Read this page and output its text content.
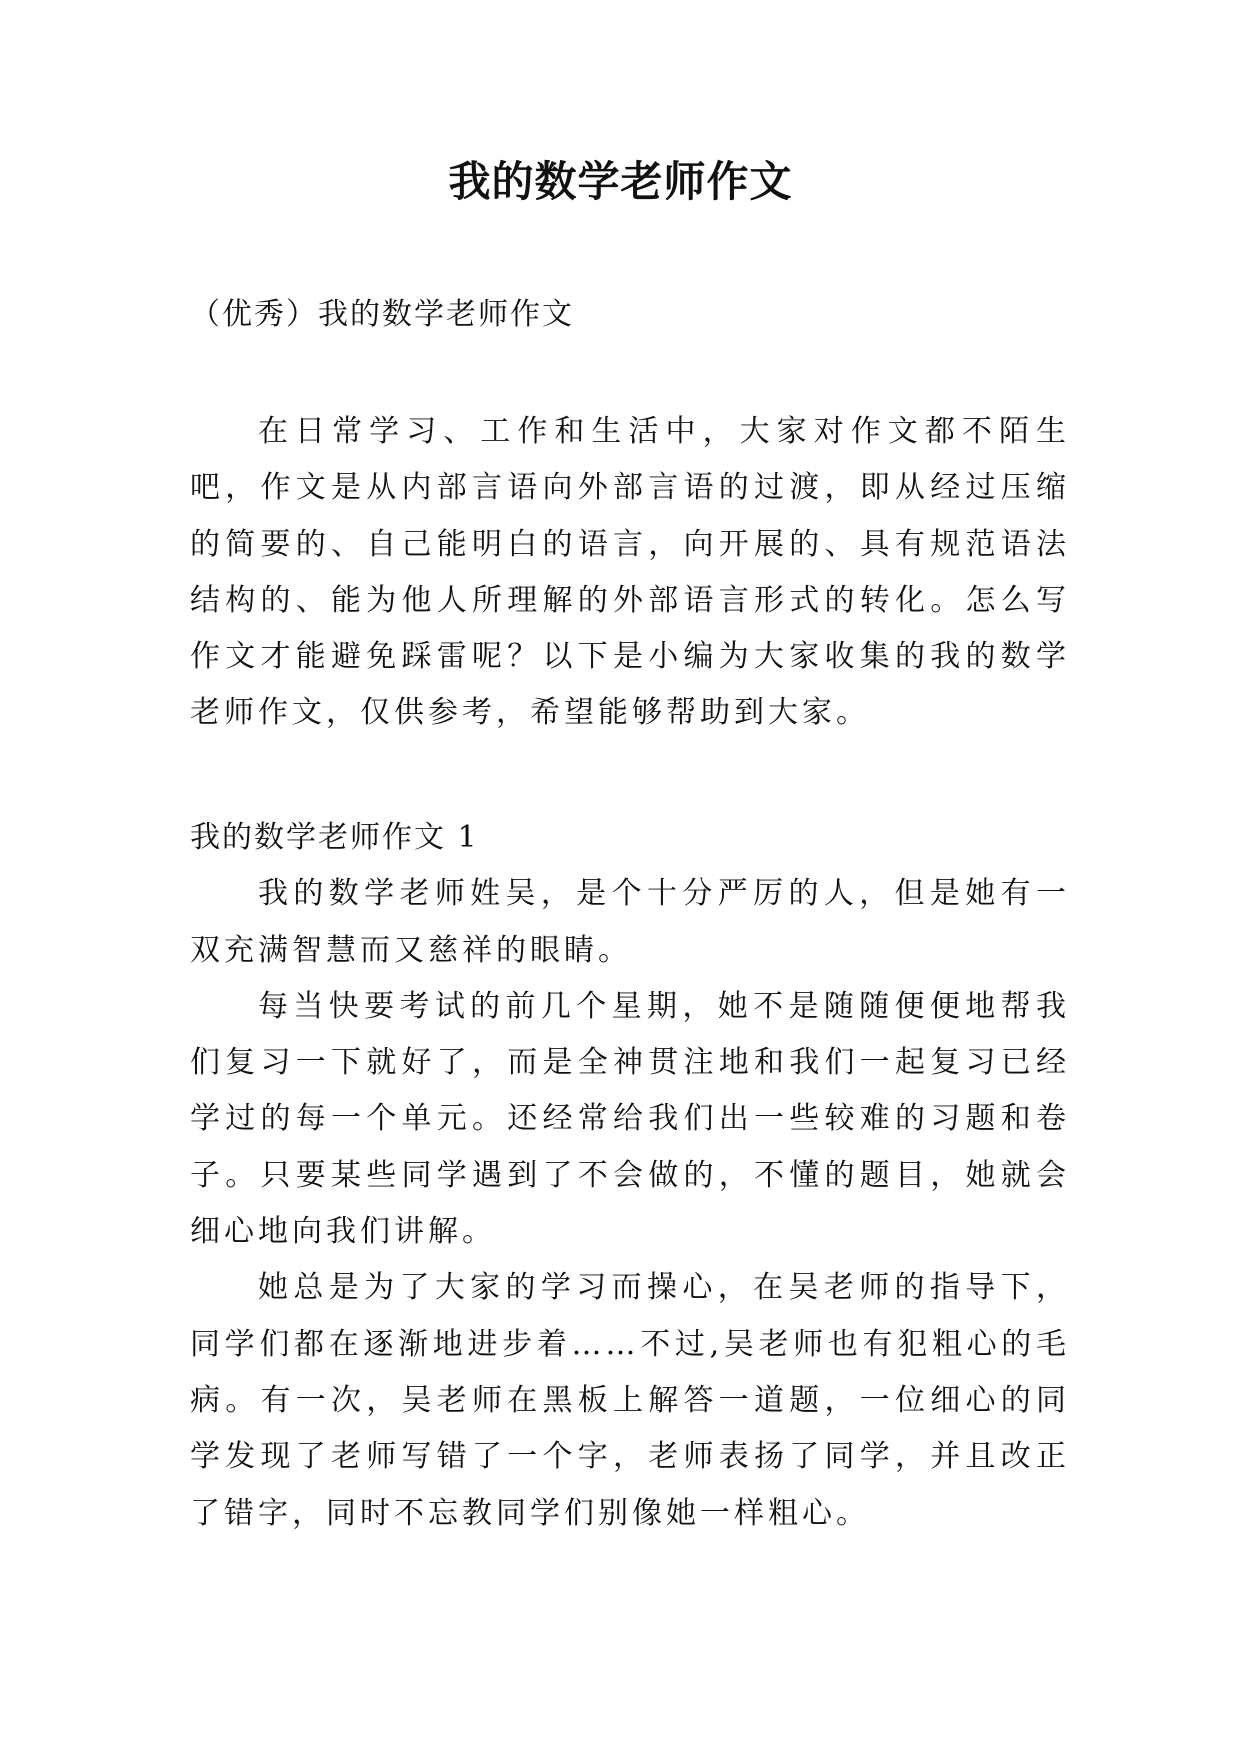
我的数学老师作文
（优秀）我的数学老师作文

在日常学习、工作和生活中，大家对作文都不陌生吧，作文是从内部言语向外部言语的过渡，即从经过压缩的简要的、自己能明白的语言，向开展的、具有规范语法结构的、能为他人所理解的外部语言形式的转化。怎么写作文才能避免踩雷呢？以下是小编为大家收集的我的数学老师作文，仅供参考，希望能够帮助到大家。

我的数学老师作文 1

我的数学老师姓吴，是个十分严厉的人，但是她有一双充满智慧而又慈祥的眼睛。

每当快要考试的前几个星期，她不是随随便便地帮我们复习一下就好了，而是全神贯注地和我们一起复习已经学过的每一个单元。还经常给我们出一些较难的习题和卷子。只要某些同学遇到了不会做的，不懂的题目，她就会细心地向我们讲解。

她总是为了大家的学习而操心，在吴老师的指导下，同学们都在逐渐地进步着……不过,吴老师也有犯粗心的毛病。有一次，吴老师在黑板上解答一道题，一位细心的同学发现了老师写错了一个字，老师表扬了同学，并且改正了错字，同时不忘教同学们别像她一样粗心。
